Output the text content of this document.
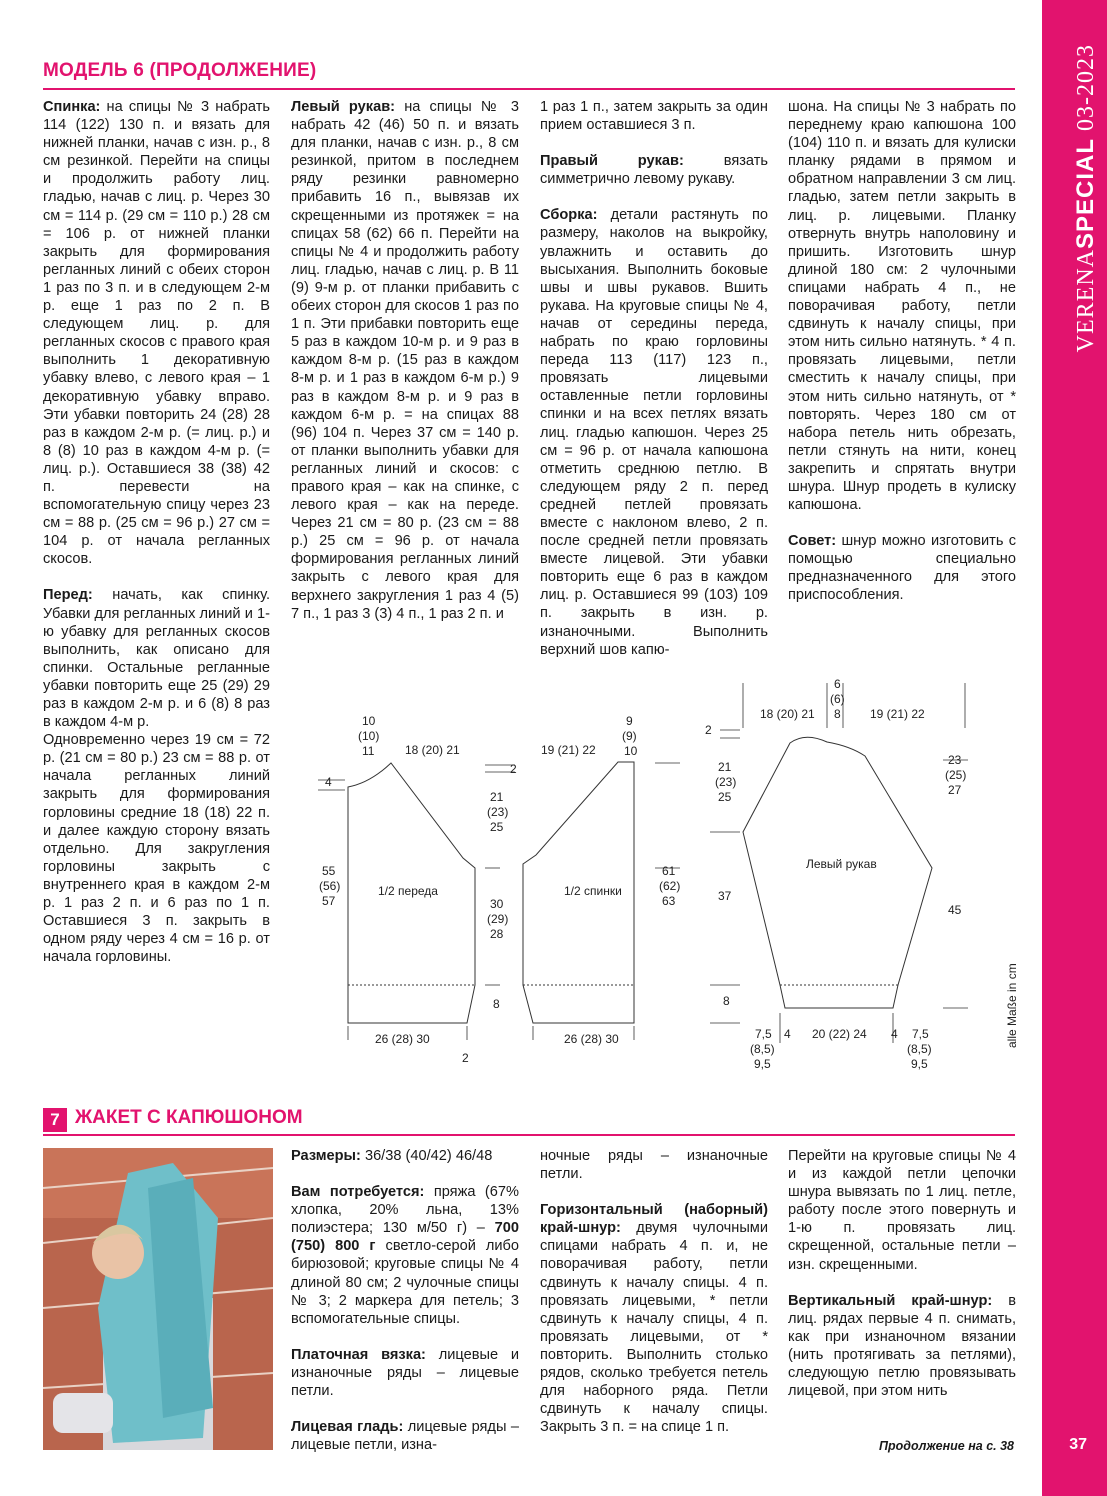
VERENASPECIAL 03-2023
37
МОДЕЛЬ 6 (ПРОДОЛЖЕНИЕ)

Спинка: на спицы № 3 набрать 114 (122) 130 п. и вязать для нижней планки, начав с изн. р., 8 см резинкой. Перейти на спицы и продолжить работу лиц. гладью, начав с лиц. р. Через 30 см = 114 р. (29 см = 110 р.) 28 см = 106 р. от нижней планки закрыть для формирования регланных линий с обеих сторон 1 раз по 3 п. и в следующем 2-м р. еще 1 раз по 2 п. В следующем лиц. р. для регланных скосов с правого края выполнить 1 декоративную убавку влево, с левого края – 1 декоративную убавку вправо. Эти убавки повторить 24 (28) 28 раз в каждом 2-м р. (= лиц. р.) и 8 (8) 10 раз в каждом 4-м р. (= лиц. р.). Оставшиеся 38 (38) 42 п. перевести на вспомогательную спицу через 23 см = 88 р. (25 см = 96 р.) 27 см = 104 р. от начала регланных скосов.

Перед: начать, как спинку. Убавки для регланных линий и 1-ю убавку для регланных скосов выполнить, как описано для спинки. Остальные регланные убавки повторить еще 25 (29) 29 раз в каждом 2-м р. и 6 (8) 8 раз в каждом 4-м р.

Одновременно через 19 см = 72 р. (21 см = 80 р.) 23 см = 88 р. от начала регланных линий закрыть для формирования горловины средние 18 (18) 22 п. и далее каждую сторону вязать отдельно. Для закругления горловины закрыть с внутреннего края в каждом 2-м р. 1 раз 2 п. и 6 раз по 1 п. Оставшиеся 3 п. закрыть в одном ряду через 4 см = 16 р. от начала горловины.

Левый рукав: на спицы № 3 набрать 42 (46) 50 п. и вязать для планки, начав с изн. р., 8 см резинкой, притом в последнем ряду резинки равномерно прибавить 16 п., вывязав их скрещенными из протяжек = на спицах 58 (62) 66 п. Перейти на спицы № 4 и продолжить работу лиц. гладью, начав с лиц. р. В 11 (9) 9-м р. от планки прибавить с обеих сторон для скосов 1 раз по 1 п. Эти прибавки повторить еще 5 раз в каждом 10-м р. и 9 раз в каждом 8-м р. (15 раз в каждом 8-м р. и 1 раз в каждом 6-м р.) 9 раз в каждом 8-м р. и 9 раз в каждом 6-м р. = на спицах 88 (96) 104 п. Через 37 см = 140 р. от планки выполнить убавки для регланных линий и скосов: с правого края – как на спинке, с левого края – как на переде. Через 21 см = 80 р. (23 см = 88 р.) 25 см = 96 р. от начала формирования регланных линий закрыть с левого края для верхнего закругления 1 раз 4 (5) 7 п., 1 раз 3 (3) 4 п., 1 раз 2 п. и

1 раз 1 п., затем закрыть за один прием оставшиеся 3 п.

Правый рукав:	вязать симметрично левому рукаву.

Сборка: детали растянуть по размеру, наколов на выкройку, увлажнить и оставить до высыхания. Выполнить боковые швы и швы рукавов. Вшить рукава. На круговые спицы № 4, начав от середины переда, набрать по краю горловины переда 113 (117) 123 п., провязать лицевыми оставленные петли горловины спинки и на всех петлях вязать лиц. гладью капюшон. Через 25 см = 96 р. от начала капюшона отметить среднюю петлю. В следующем ряду 2 п. перед средней петлей провязать вместе с наклоном влево, 2 п. после средней петли провязать вместе лицевой. Эти убавки повторить еще 6 раз в каждом лиц. р. Оставшиеся 99 (103) 109 п. закрыть в изн. р. изнаночными. Выполнить верхний шов капю-

шона. На спицы № 3 набрать по переднему краю капюшона 100 (104) 110 п. и вязать для кулиски планку рядами в прямом и обратном направлении 3 см лиц. гладью, затем петли закрыть в лиц. р. лицевыми. Планку отвернуть внутрь наполовину и пришить. Изготовить шнур длиной 180 см: 2 чулочными спицами набрать 4 п., не поворачивая работу, петли сдвинуть к началу спицы, при этом нить сильно натянуть. * 4 п. провязать лицевыми, петли сместить к началу спицы, при этом нить сильно натянуть, от * повторять. Через 180 см от набора петель нить обрезать, петли стянуть на нити, конец закрепить и спрятать внутри шнура. Шнур продеть в кулиску капюшона.

Совет: шнур можно изготовить с помощью специально предназначенного для этого приспособления.

1/2 переда
10
(10)
11	18 (20) 21
4
2
21
(23)
25
55
(56)
57	30
(29)
28
8
26 (28) 30
2
1/2 спинки
19 (21) 22
9
(9)
10
61
(62)
63
26 (28) 30
Левый рукав
6
(6)
8
18 (20) 21	19 (21) 22
2
21
(23)
25
23
(25)
27
37
45
8
7,5
(8,5)
9,5
4 20 (22) 24 4 7,5
(8,5)
9,5
alle Maße in cm
7 ЖАКЕТ С КАПЮШОНОМ

Размеры: 36/38 (40/42) 46/48

Вам потребуется: пряжа (67% хлопка, 20% льна, 13% полиэстера; 130 м/50 г) – 700 (750) 800 г светло-серой либо бирюзовой; круговые спицы № 4 длиной 80 см; 2 чулочные спицы № 3; 2 маркера для петель; 3 вспомогательные спицы.

Платочная вязка: лицевые и изнаночные ряды – лицевые петли.

Лицевая гладь: лицевые ряды – лицевые петли, изна-

ночные ряды – изнаночные петли.

Горизонтальный (наборный) край-шнур: двумя чулочными спицами набрать 4 п. и, не поворачивая работу, петли сдвинуть к началу спицы. 4 п. провязать лицевыми, * петли сдвинуть к началу спицы, 4 п. провязать лицевыми, от * повторить. Выполнить столько рядов, сколько требуется петель для наборного ряда. Петли сдвинуть к началу спицы. Закрыть 3 п. = на спице 1 п.

Перейти на круговые спицы № 4 и из каждой петли цепочки шнура вывязать по 1 лиц. петле, работу после этого повернуть и 1-ю п. провязать лиц. скрещенной, остальные петли – изн. скрещенными.

Вертикальный край-шнур: в лиц. рядах первые 4 п. снимать, как при изнаночном вязании (нить протягивать за петлями), следующую петлю провязывать лицевой, при этом нить

Продолжение на с. 38
